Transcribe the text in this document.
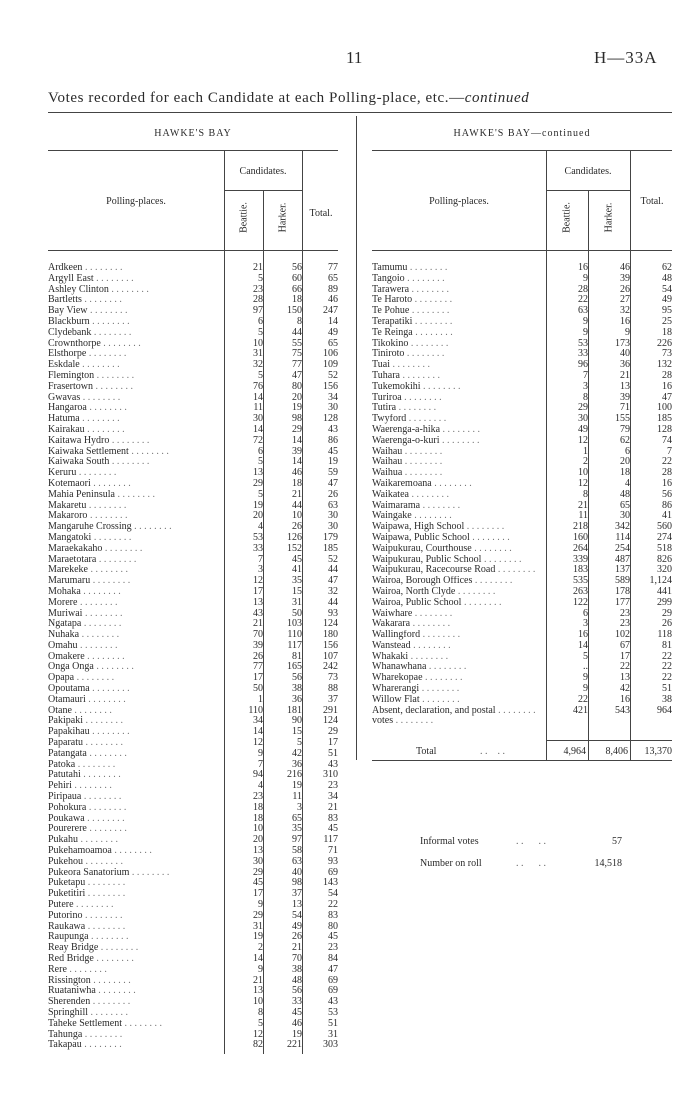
11	H—33A
Votes recorded for each Candidate at each Polling-place, etc.—continued
HAWKE'S BAY
Candidates.
Polling-places.
Beattie.	Harker.	Total.
HAWKE'S BAY—continued
Candidates.
Polling-places.
Beattie.	Harker.
Total.
Ardkeen . . . . . . . .	21	56	77
Argyll East . . . . . . . .	5	60	65
Ashley Clinton . . . . . . . .	23	66	89
Bartletts . . . . . . . .	28	18	46
Bay View . . . . . . . .	97	150	247
Blackburn . . . . . . . .	6	8	14
Clydebank . . . . . . . .	5	44	49
Crownthorpe . . . . . . . .	10	55	65
Elsthorpe . . . . . . . .	31	75	106
Eskdale . . . . . . . .	32	77	109
Flemington . . . . . . . .	5	47	52
Frasertown . . . . . . . .	76	80	156
Gwavas . . . . . . . .	14	20	34
Hangaroa . . . . . . . .	11	19	30
Hatuma . . . . . . . .	30	98	128
Kairakau . . . . . . . .	14	29	43
Kaitawa Hydro . . . . . . . .	72	14	86
Kaiwaka Settlement . . . . . . . .	6	39	45
Kaiwaka South . . . . . . . .	5	14	19
Keruru . . . . . . . .	13	46	59
Kotemaori . . . . . . . .	29	18	47
Mahia Peninsula . . . . . . . .	5	21	26
Makaretu . . . . . . . .	19	44	63
Makaroro . . . . . . . .	20	10	30
Mangaruhe Crossing . . . . . . . .	4	26	30
Mangatoki . . . . . . . .	53	126	179
Maraekakaho . . . . . . . .	33	152	185
Maraetotara . . . . . . . .	7	45	52
Marekeke . . . . . . . .	3	41	44
Marumaru . . . . . . . .	12	35	47
Mohaka . . . . . . . .	17	15	32
Morere . . . . . . . .	13	31	44
Muriwai . . . . . . . .	43	50	93
Ngatapa . . . . . . . .	21	103	124
Nuhaka . . . . . . . .	70	110	180
Omahu . . . . . . . .	39	117	156
Omakere . . . . . . . .	26	81	107
Onga Onga . . . . . . . .	77	165	242
Opapa . . . . . . . .	17	56	73
Opoutama . . . . . . . .	50	38	88
Otamauri . . . . . . . .	1	36	37
Otane . . . . . . . .	110	181	291
Pakipaki . . . . . . . .	34	90	124
Papakihau . . . . . . . .	14	15	29
Paparatu . . . . . . . .	12	5	17
Patangata . . . . . . . .	9	42	51
Patoka . . . . . . . .	7	36	43
Patutahi . . . . . . . .	94	216	310
Pehiri . . . . . . . .	4	19	23
Piripaua . . . . . . . .	23	11	34
Pohokura . . . . . . . .	18	3	21
Poukawa . . . . . . . .	18	65	83
Pourerere . . . . . . . .	10	35	45
Pukahu . . . . . . . .	20	97	117
Pukehamoamoa . . . . . . . .	13	58	71
Pukehou . . . . . . . .	30	63	93
Pukeora Sanatorium . . . . . . . .	29	40	69
Puketapu . . . . . . . .	45	98	143
Puketitiri . . . . . . . .	17	37	54
Putere . . . . . . . .	9	13	22
Putorino . . . . . . . .	29	54	83
Raukawa . . . . . . . .	31	49	80
Raupunga . . . . . . . .	19	26	45
Reay Bridge . . . . . . . .	2	21	23
Red Bridge . . . . . . . .	14	70	84
Rere . . . . . . . .	9	38	47
Rissington . . . . . . . .	21	48	69
Ruataniwha . . . . . . . .	13	56	69
Sherenden . . . . . . . .	10	33	43
Springhill . . . . . . . .	8	45	53
Taheke Settlement . . . . . . . .	5	46	51
Tahunga . . . . . . . .	12	19	31
Takapau . . . . . . . .	82	221	303
Tamumu . . . . . . . .	16	46	62
Tangoio . . . . . . . .	9	39	48
Tarawera . . . . . . . .	28	26	54
Te Haroto . . . . . . . .	22	27	49
Te Pohue . . . . . . . .	63	32	95
Terapatiki . . . . . . . .	9	16	25
Te Reinga . . . . . . . .	9	9	18
Tikokino . . . . . . . .	53	173	226
Tiniroto . . . . . . . .	33	40	73
Tuai . . . . . . . .	96	36	132
Tuhara . . . . . . . .	7	21	28
Tukemokihi . . . . . . . .	3	13	16
Turiroa . . . . . . . .	8	39	47
Tutira . . . . . . . .	29	71	100
Twyford . . . . . . . .	30	155	185
Waerenga-a-hika . . . . . . . .	49	79	128
Waerenga-o-kuri . . . . . . . .	12	62	74
Waihau . . . . . . . .	1	6	7
Waihau . . . . . . . .	2	20	22
Waihua . . . . . . . .	10	18	28
Waikaremoana . . . . . . . .	12	4	16
Waikatea . . . . . . . .	8	48	56
Waimarama . . . . . . . .	21	65	86
Waingake . . . . . . . .	11	30	41
Waipawa, High School . . . . . . . .	218	342	560
Waipawa, Public School . . . . . . . .	160	114	274
Waipukurau, Courthouse . . . . . . . .	264	254	518
Waipukurau, Public School . . . . . . . .	339	487	826
Waipukurau, Racecourse Road . . . . . . . .	183	137	320
Wairoa, Borough Offices . . . . . . . .	535	589	1,124
Wairoa, North Clyde . . . . . . . .	263	178	441
Wairoa, Public School . . . . . . . .	122	177	299
Waiwhare . . . . . . . .	6	23	29
Wakarara . . . . . . . .	3	23	26
Wallingford . . . . . . . .	16	102	118
Wanstead . . . . . . . .	14	67	81
Whakaki . . . . . . . .	5	17	22
Whanawhana . . . . . . . .	..	22	22
Wharekopae . . . . . . . .	9	13	22
Wharerangi . . . . . . . .	9	42	51
Willow Flat . . . . . . . .	22	16	38
Absent, declaration, and postal . . . . . . . .	421	543	964
votes . . . . . . . .			
Total	. .    . .	4,964	8,406	13,370
Informal votes	. .      . .	57
Number on roll	. .      . .	14,518
